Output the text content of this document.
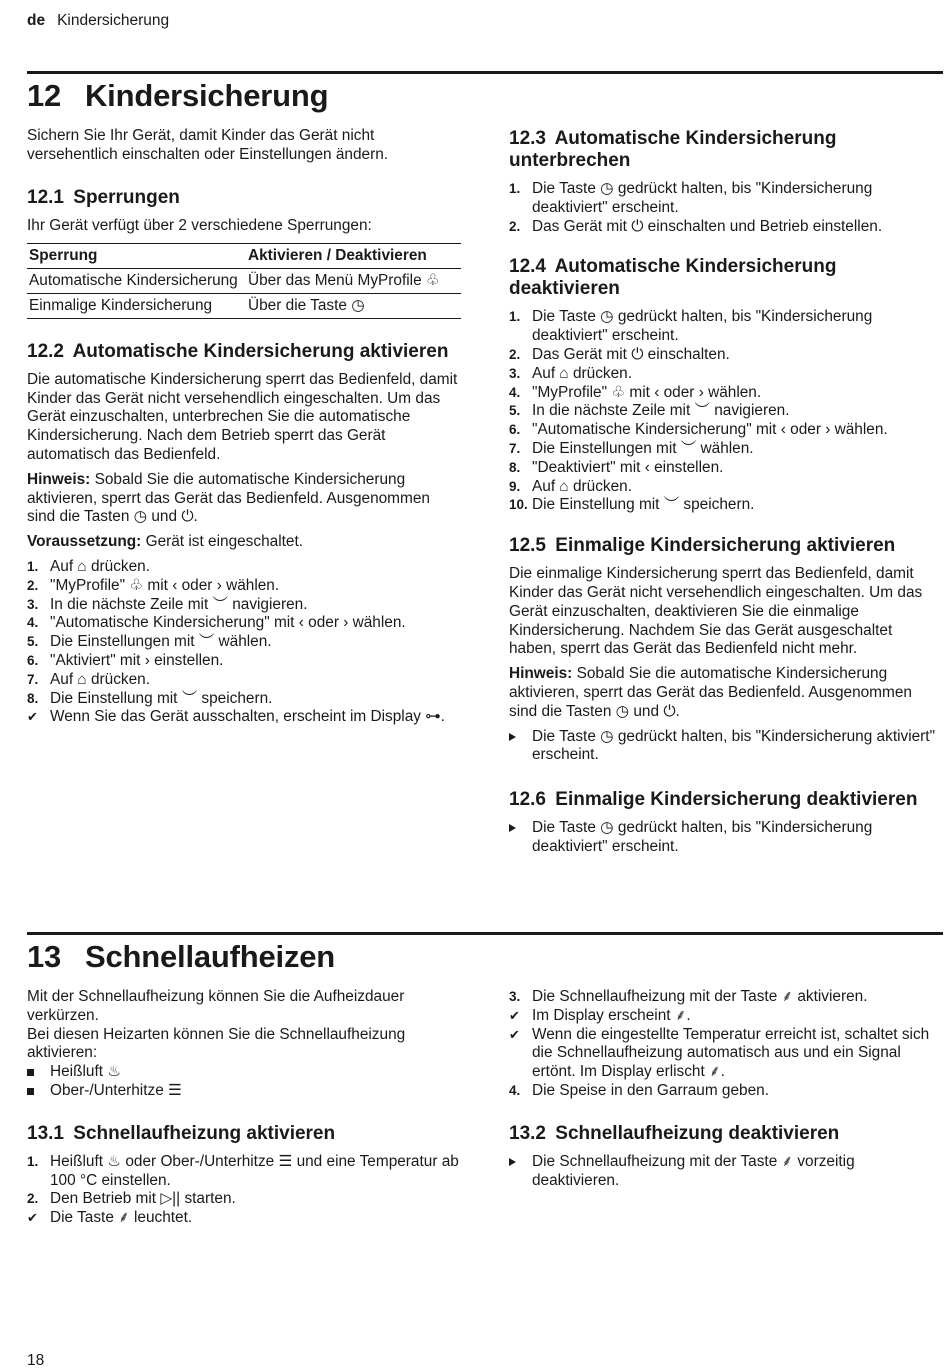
de Kindersicherung
12 Kindersicherung

Sichern Sie Ihr Gerät, damit Kinder das Gerät nicht versehentlich einschalten oder Einstellungen ändern.

12.1 Sperrungen

Ihr Gerät verfügt über 2 verschiedene Sperrungen:

Sperrung	Aktivieren / Deaktivieren
Automatische Kindersicherung	Über das Menü MyProfile ♧
Einmalige Kindersicherung	Über die Taste ◷
12.2 Automatische Kindersicherung aktivieren

Die automatische Kindersicherung sperrt das Bedienfeld, damit Kinder das Gerät nicht versehendlich eingeschalten. Um das Gerät einzuschalten, unterbrechen Sie die automatische Kindersicherung. Nach dem Betrieb sperrt das Gerät automatisch das Bedienfeld.

Hinweis: Sobald Sie die automatische Kindersicherung aktivieren, sperrt das Gerät das Bedienfeld. Ausgenommen sind die Tasten ◷ und ⏻.

Voraussetzung: Gerät ist eingeschaltet.

1. Auf ⌂ drücken.
2. "MyProfile" ♧ mit ‹ oder › wählen.
3. In die nächste Zeile mit ︶ navigieren.
4. "Automatische Kindersicherung" mit ‹ oder › wählen.
5. Die Einstellungen mit ︶ wählen.
6. "Aktiviert" mit › einstellen.
7. Auf ⌂ drücken.
8. Die Einstellung mit ︶ speichern.
✔ Wenn Sie das Gerät ausschalten, erscheint im Display ⊶.
12.3 Automatische Kindersicherung unterbrechen
1. Die Taste ◷ gedrückt halten, bis "Kindersicherung deaktiviert" erscheint.
2. Das Gerät mit ⏻ einschalten und Betrieb einstellen.
12.4 Automatische Kindersicherung deaktivieren
1. Die Taste ◷ gedrückt halten, bis "Kindersicherung deaktiviert" erscheint.
2. Das Gerät mit ⏻ einschalten.
3. Auf ⌂ drücken.
4. "MyProfile" ♧ mit ‹ oder › wählen.
5. In die nächste Zeile mit ︶ navigieren.
6. "Automatische Kindersicherung" mit ‹ oder › wählen.
7. Die Einstellungen mit ︶ wählen.
8. "Deaktiviert" mit ‹ einstellen.
9. Auf ⌂ drücken.
10. Die Einstellung mit ︶ speichern.
12.5 Einmalige Kindersicherung aktivieren

Die einmalige Kindersicherung sperrt das Bedienfeld, damit Kinder das Gerät nicht versehendlich eingeschalten. Um das Gerät einzuschalten, deaktivieren Sie die einmalige Kindersicherung. Nachdem Sie das Gerät ausgeschaltet haben, sperrt das Gerät das Bedienfeld nicht mehr.

Hinweis: Sobald Sie die automatische Kindersicherung aktivieren, sperrt das Gerät das Bedienfeld. Ausgenommen sind die Tasten ◷ und ⏻.

Die Taste ◷ gedrückt halten, bis "Kindersicherung aktiviert" erscheint.
12.6 Einmalige Kindersicherung deaktivieren
Die Taste ◷ gedrückt halten, bis "Kindersicherung deaktiviert" erscheint.
13 Schnellaufheizen

Mit der Schnellaufheizung können Sie die Aufheizdauer verkürzen.

Bei diesen Heizarten können Sie die Schnellaufheizung aktivieren:

Heißluft ♨
Ober-/Unterhitze ☰
13.1 Schnellaufheizung aktivieren
1. Heißluft ♨ oder Ober-/Unterhitze ☰ und eine Temperatur ab 100 °C einstellen.
2. Den Betrieb mit ▷|| starten.
✔ Die Taste ⸙ leuchtet.
3. Die Schnellaufheizung mit der Taste ⸙ aktivieren.
✔ Im Display erscheint ⸙.
✔ Wenn die eingestellte Temperatur erreicht ist, schaltet sich die Schnellaufheizung automatisch aus und ein Signal ertönt. Im Display erlischt ⸙.
4. Die Speise in den Garraum geben.
13.2 Schnellaufheizung deaktivieren
Die Schnellaufheizung mit der Taste ⸙ vorzeitig deaktivieren.
18
